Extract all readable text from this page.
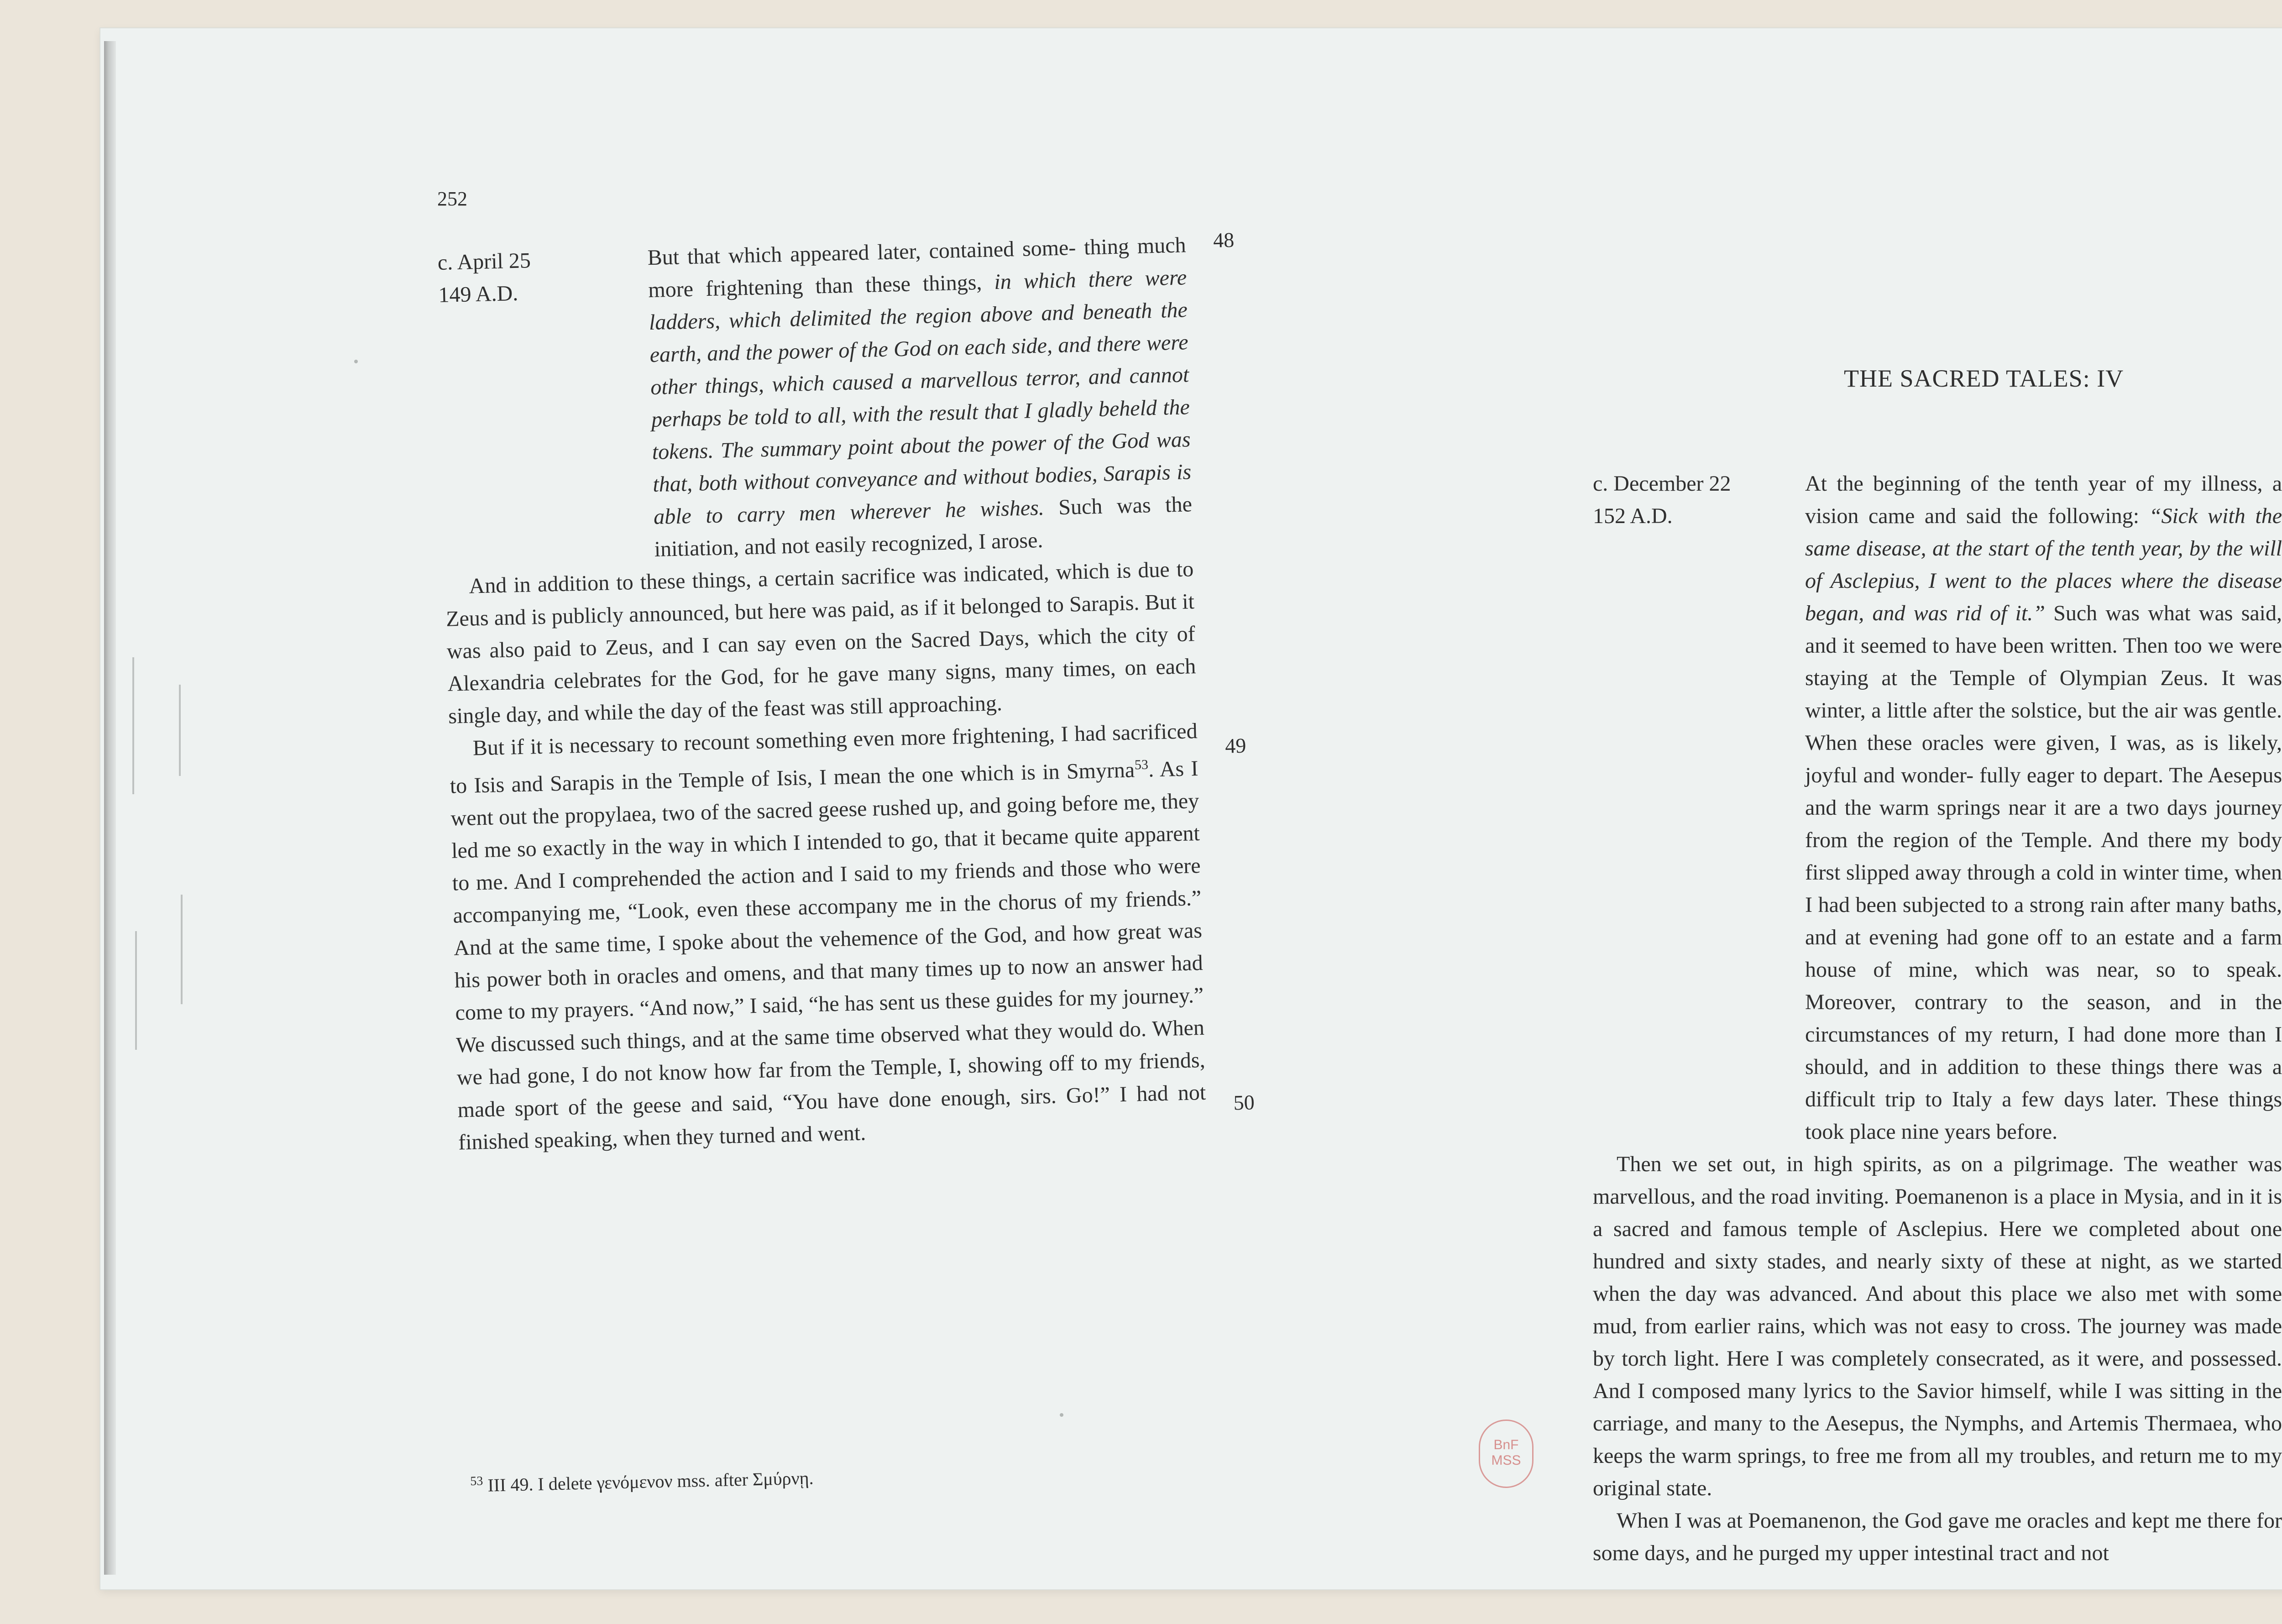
252
c. April 25
149 A.D.
48
49
50

But that which appeared later, contained some- thing much more frightening than these things, in which there were ladders, which delimited the region above and beneath the earth, and the power of the God on each side, and there were other things, which caused a marvellous terror, and cannot perhaps be told to all, with the result that I gladly beheld the tokens. The summary point about the power of the God was that, both without conveyance and without bodies, Sarapis is able to carry men wherever he wishes. Such was the initiation, and not easily recognized, I arose.

And in addition to these things, a certain sacrifice was indicated, which is due to Zeus and is publicly announced, but here was paid, as if it belonged to Sarapis. But it was also paid to Zeus, and I can say even on the Sacred Days, which the city of Alexandria celebrates for the God, for he gave many signs, many times, on each single day, and while the day of the feast was still approaching.

But if it is necessary to recount something even more frightening, I had sacrificed to Isis and Sarapis in the Temple of Isis, I mean the one which is in Smyrna$^{53}$. As I went out the propylaea, two of the sacred geese rushed up, and going before me, they led me so exactly in the way in which I intended to go, that it became quite apparent to me. And I comprehended the action and I said to my friends and those who were accompanying me, “Look, even these accompany me in the chorus of my friends.” And at the same time, I spoke about the vehemence of the God, and how great was his power both in oracles and omens, and that many times up to now an answer had come to my prayers. “And now,” I said, “he has sent us these guides for my journey.” We discussed such things, and at the same time observed what they would do. When we had gone, I do not know how far from the Temple, I, showing off to my friends, made sport of the geese and said, “You have done enough, sirs. Go!” I had not finished speaking, when they turned and went.

$^{53}$ III 49. I delete γενόμενον mss. after Σμύρνῃ.
THE SACRED TALES: IV
c. December 22
152 A.D.

At the beginning of the tenth year of my illness, a vision came and said the following: “Sick with the same disease, at the start of the tenth year, by the will of Asclepius, I went to the places where the disease began, and was rid of it.” Such was what was said, and it seemed to have been written. Then too we were staying at the Temple of Olympian Zeus. It was winter, a little after the solstice, but the air was gentle. When these oracles were given, I was, as is likely, joyful and wonder- fully eager to depart. The Aesepus and the warm springs near it are a two days journey from the region of the Temple. And there my body first slipped away through a cold in winter time, when I had been subjected to a strong rain after many baths, and at evening had gone off to an estate and a farm house of mine, which was near, so to speak. Moreover, contrary to the season, and in the circumstances of my return, I had done more than I should, and in addition to these things there was a difficult trip to Italy a few days later. These things took place nine years before.

Then we set out, in high spirits, as on a pilgrimage. The weather was marvellous, and the road inviting. Poemanenon is a place in Mysia, and in it is a sacred and famous temple of Asclepius. Here we completed about one hundred and sixty stades, and nearly sixty of these at night, as we started when the day was advanced. And about this place we also met with some mud, from earlier rains, which was not easy to cross. The journey was made by torch light. Here I was completely consecrated, as it were, and possessed. And I composed many lyrics to the Savior himself, while I was sitting in the carriage, and many to the Aesepus, the Nymphs, and Artemis Thermaea, who keeps the warm springs, to free me from all my troubles, and return me to my original state.

When I was at Poemanenon, the God gave me oracles and kept me there for some days, and he purged my upper intestinal tract and not

BnF
MSS
